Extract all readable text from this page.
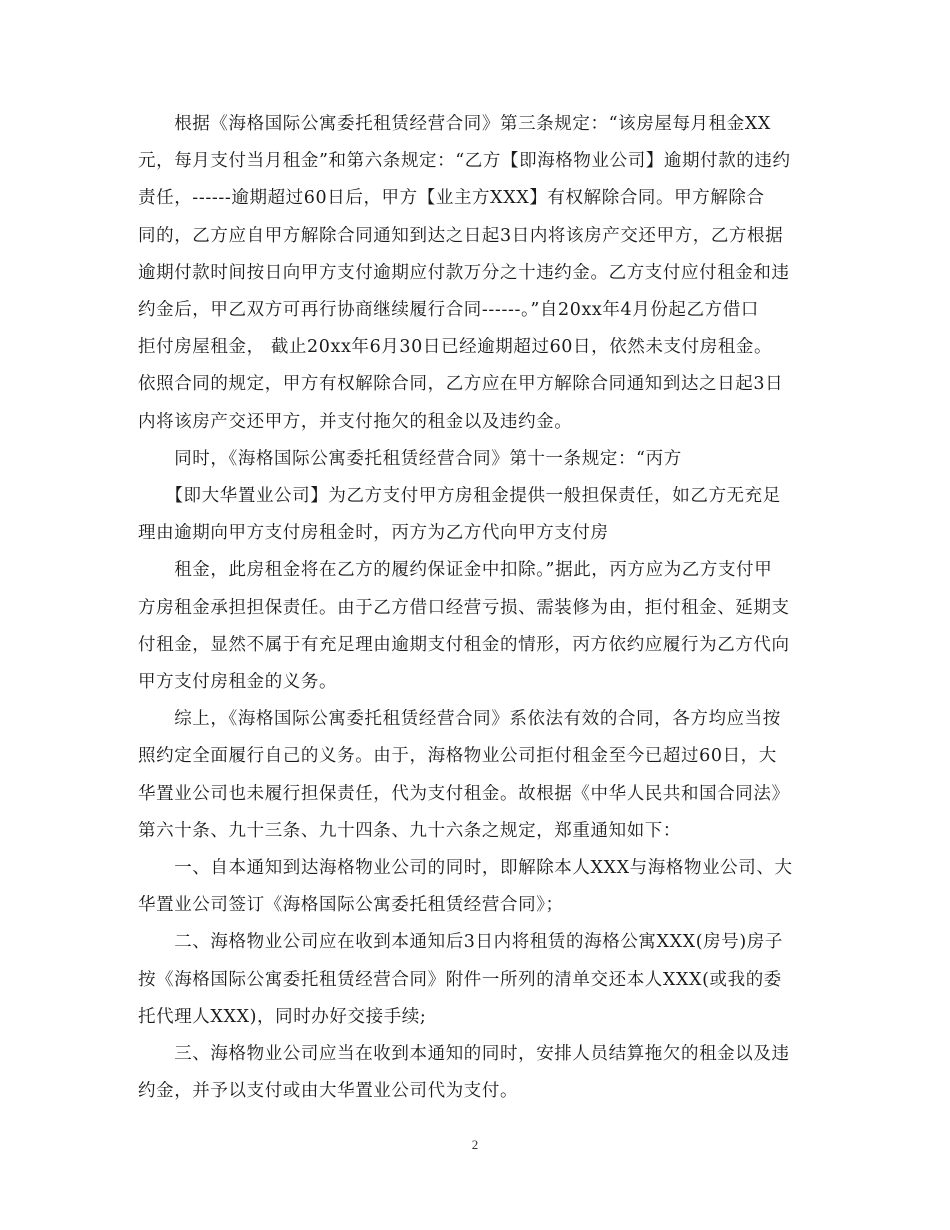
　　根据《海格国际公寓委托租赁经营合同》第三条规定：“该房屋每月租金XX

元，每月支付当月租金”和第六条规定：“乙方【即海格物业公司】逾期付款的违约

责任，------逾期超过60日后，甲方【业主方XXX】有权解除合同。甲方解除合

同的，乙方应自甲方解除合同通知到达之日起3日内将该房产交还甲方，乙方根据

逾期付款时间按日向甲方支付逾期应付款万分之十违约金。乙方支付应付租金和违

约金后，甲乙双方可再行协商继续履行合同------。”自20xx年4月份起乙方借口

拒付房屋租金， 截止20xx年6月30日已经逾期超过60日，依然未支付房租金。

依照合同的规定，甲方有权解除合同，乙方应在甲方解除合同通知到达之日起3日

内将该房产交还甲方，并支付拖欠的租金以及违约金。

　　同时，《海格国际公寓委托租赁经营合同》第十一条规定：“丙方

　　【即大华置业公司】为乙方支付甲方房租金提供一般担保责任，如乙方无充足

理由逾期向甲方支付房租金时，丙方为乙方代向甲方支付房

　　租金，此房租金将在乙方的履约保证金中扣除。”据此，丙方应为乙方支付甲

方房租金承担担保责任。由于乙方借口经营亏损、需装修为由，拒付租金、延期支

付租金，显然不属于有充足理由逾期支付租金的情形，丙方依约应履行为乙方代向

甲方支付房租金的义务。

　　综上，《海格国际公寓委托租赁经营合同》系依法有效的合同，各方均应当按

照约定全面履行自己的义务。由于，海格物业公司拒付租金至今已超过60日，大

华置业公司也未履行担保责任，代为支付租金。故根据《中华人民共和国合同法》

第六十条、九十三条、九十四条、九十六条之规定，郑重通知如下：

　　一、自本通知到达海格物业公司的同时，即解除本人XXX与海格物业公司、大

华置业公司签订《海格国际公寓委托租赁经营合同》；

　　二、海格物业公司应在收到本通知后3日内将租赁的海格公寓XXX(房号)房子

按《海格国际公寓委托租赁经营合同》附件一所列的清单交还本人XXX(或我的委

托代理人XXX)，同时办好交接手续;

　　三、海格物业公司应当在收到本通知的同时，安排人员结算拖欠的租金以及违

约金，并予以支付或由大华置业公司代为支付。

2
